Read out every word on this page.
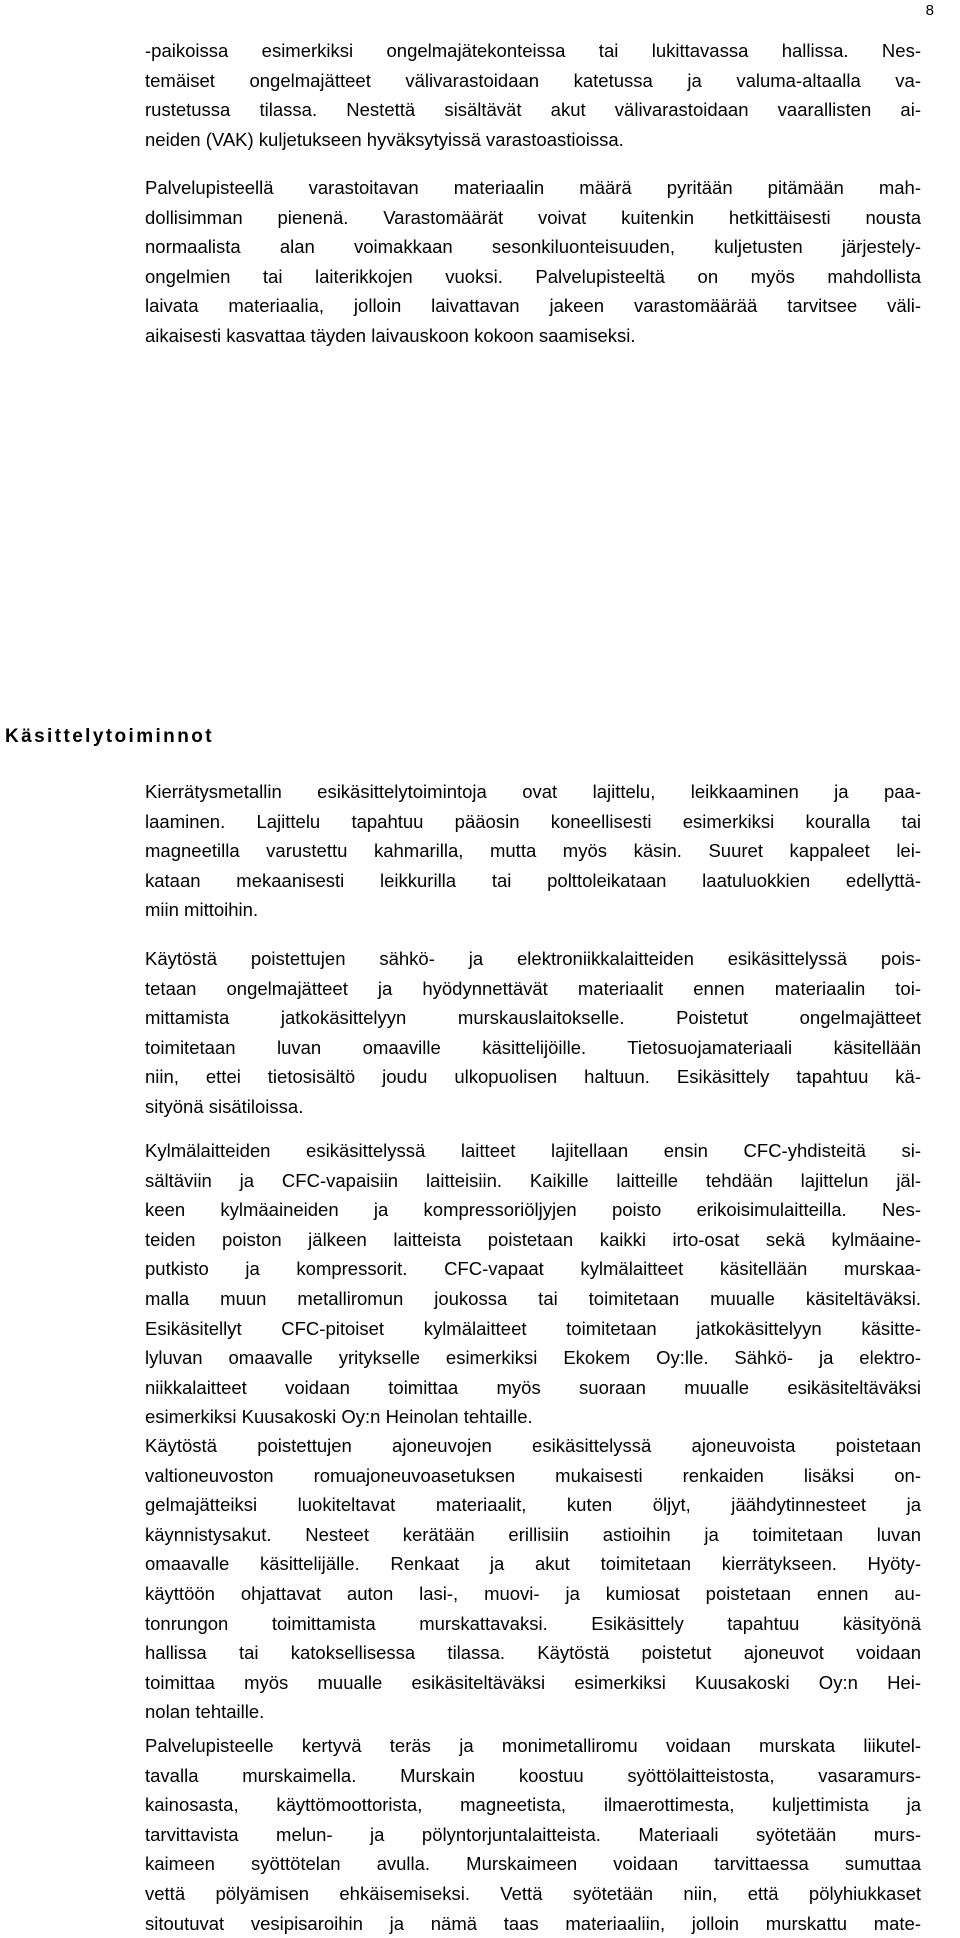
8
-paikoissa esimerkiksi ongelmajätekonteissa tai lukittavassa hallissa. Nes-
temäiset ongelmajätteet välivarastoidaan katetussa ja valuma-altaalla va-
rustetussa tilassa. Nestettä sisältävät akut välivarastoidaan vaarallisten ai-
neiden (VAK) kuljetukseen hyväksytyissä varastoastioissa.
Palvelupisteellä varastoitavan materiaalin määrä pyritään pitämään mah-
dollisimman pienenä. Varastomäärät voivat kuitenkin hetkittäisesti nousta
normaalista alan voimakkaan sesonkiluonteisuuden, kuljetusten järjestely-
ongelmien tai laiterikkojen vuoksi. Palvelupisteeltä on myös mahdollista
laivata materiaalia, jolloin laivattavan jakeen varastomäärää tarvitsee väli-
aikaisesti kasvattaa täyden laivauskoon kokoon saamiseksi.
Käsittelytoiminnot
Kierrätysmetallin esikäsittelytoimintoja ovat lajittelu, leikkaaminen ja paa-
laaminen. Lajittelu tapahtuu pääosin koneellisesti esimerkiksi kouralla tai
magneetilla varustettu kahmarilla, mutta myös käsin. Suuret kappaleet lei-
kataan mekaanisesti leikkurilla tai polttoleikataan laatuluokkien edellyttä-
miin mittoihin.
Käytöstä poistettujen sähkö- ja elektroniikkalaitteiden esikäsittelyssä pois-
tetaan ongelmajätteet ja hyödynnettävät materiaalit ennen materiaalin toi-
mittamista jatkokäsittelyyn murskauslaitokselle. Poistetut ongelmajätteet
toimitetaan luvan omaaville käsittelijöille. Tietosuojamateriaali käsitellään
niin, ettei tietosisältö joudu ulkopuolisen haltuun. Esikäsittely tapahtuu kä-
sityönä sisätiloissa.
Kylmälaitteiden esikäsittelyssä laitteet lajitellaan ensin CFC-yhdisteitä si-
sältäviin ja CFC-vapaisiin laitteisiin. Kaikille laitteille tehdään lajittelun jäl-
keen kylmäaineiden ja kompressoriöljyjen poisto erikoisimulaitteilla. Nes-
teiden poiston jälkeen laitteista poistetaan kaikki irto-osat sekä kylmäaine-
putkisto ja kompressorit. CFC-vapaat kylmälaitteet käsitellään murskaa-
malla muun metalliromun joukossa tai toimitetaan muualle käsiteltäväksi.
Esikäsitellyt CFC-pitoiset kylmälaitteet toimitetaan jatkokäsittelyyn käsitte-
lyluvan omaavalle yritykselle esimerkiksi Ekokem Oy:lle. Sähkö- ja elektro-
niikkalaitteet voidaan toimittaa myös suoraan muualle esikäsiteltäväksi
esimerkiksi Kuusakoski Oy:n Heinolan tehtaille.
Käytöstä poistettujen ajoneuvojen esikäsittelyssä ajoneuvoista poistetaan
valtioneuvoston romuajoneuvoasetuksen mukaisesti renkaiden lisäksi on-
gelmajätteiksi luokiteltavat materiaalit, kuten öljyt, jäähdytinnesteet ja
käynnistysakut. Nesteet kerätään erillisiin astioihin ja toimitetaan luvan
omaavalle käsittelijälle. Renkaat ja akut toimitetaan kierrätykseen. Hyöty-
käyttöön ohjattavat auton lasi-, muovi- ja kumiosat poistetaan ennen au-
tonrungon toimittamista murskattavaksi. Esikäsittely tapahtuu käsityönä
hallissa tai katoksellisessa tilassa. Käytöstä poistetut ajoneuvot voidaan
toimittaa myös muualle esikäsiteltäväksi esimerkiksi Kuusakoski Oy:n Hei-
nolan tehtaille.
Palvelupisteelle kertyvä teräs ja monimetalliromu voidaan murskata liikutel-
tavalla murskaimella. Murskain koostuu syöttölaitteistosta, vasaramurs-
kainosasta, käyttömoottorista, magneetista, ilmaerottimesta, kuljettimista ja
tarvittavista melun- ja pölyntorjuntalaitteista. Materiaali syötetään murs-
kaimeen syöttötelan avulla. Murskaimeen voidaan tarvittaessa sumuttaa
vettä pölyämisen ehkäisemiseksi. Vettä syötetään niin, että pölyhiukkaset
sitoutuvat vesipisaroihin ja nämä taas materiaaliin, jolloin murskattu mate-
